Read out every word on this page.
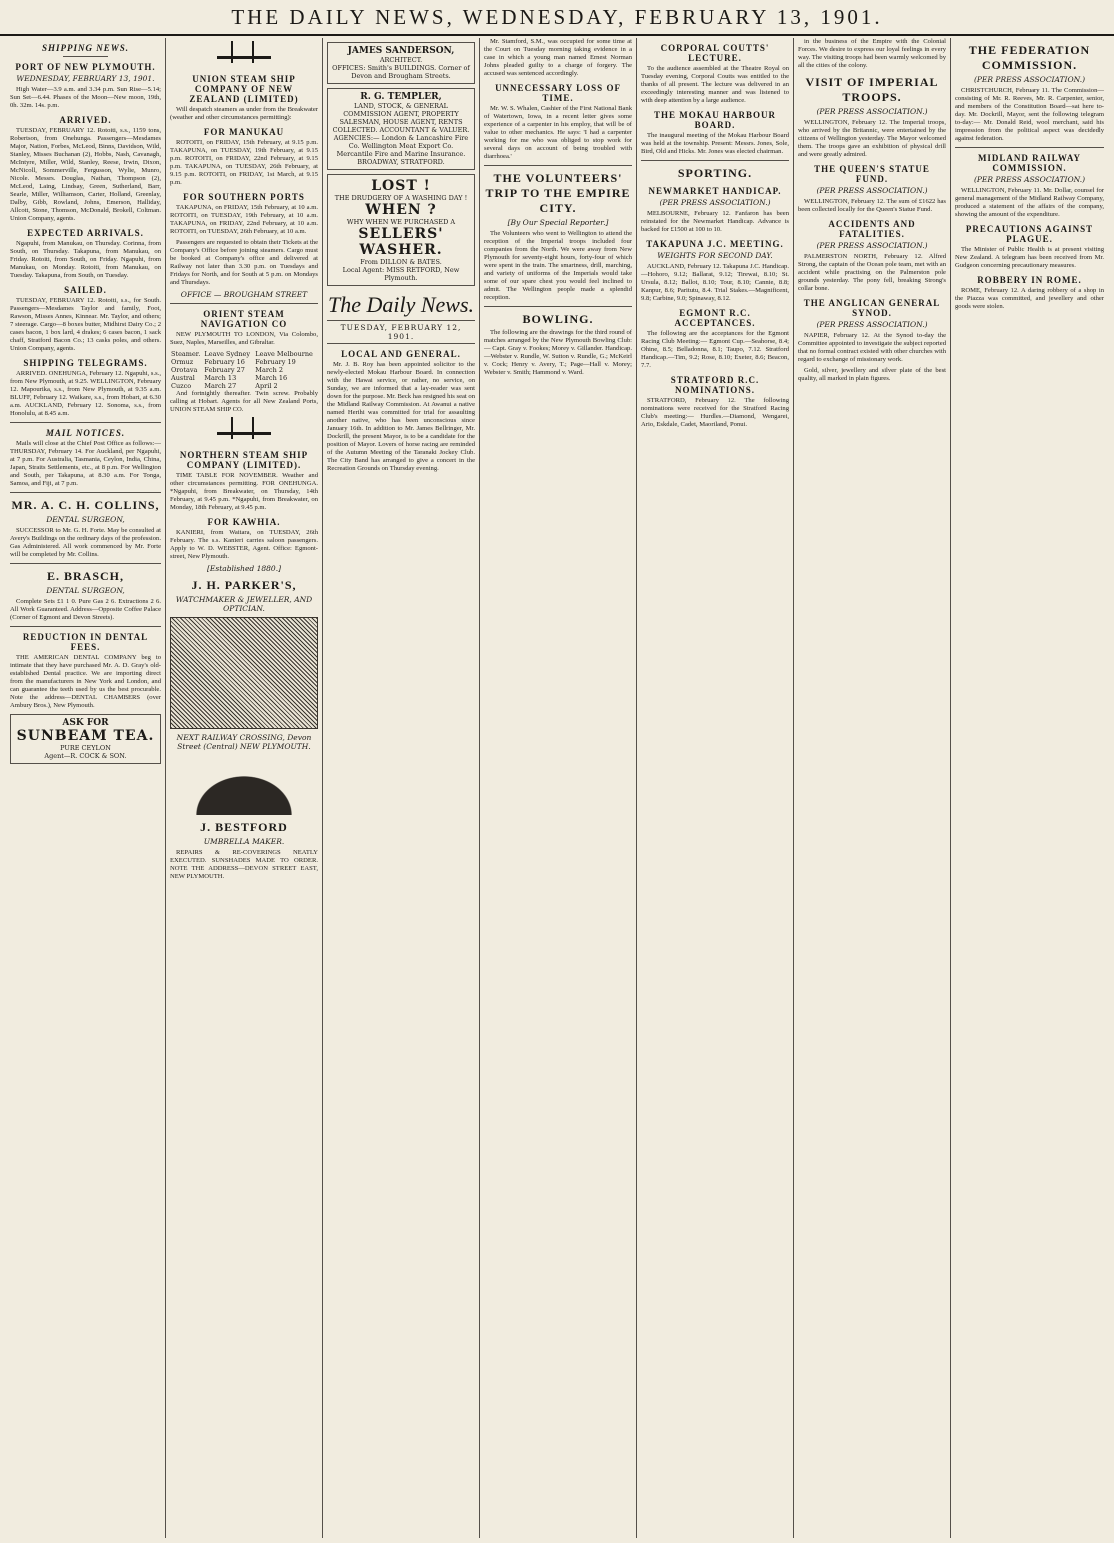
THE DAILY NEWS, WEDNESDAY, FEBRUARY 13, 1901.
SHIPPING NEWS.
PORT OF NEW PLYMOUTH.
WEDNESDAY, FEBRUARY 13, 1901.

High Water—3.9 a.m. and 3.34 p.m. Sun Rise—5.14; Sun Set—6.44. Phases of the Moon—New moon, 19th, 0h. 32m. 14s. p.m.

ARRIVED.

TUESDAY, FEBRUARY 12. Rotoiti, s.s., 1159 tons, Robertson, from Onehunga. Passengers—Mesdames Major, Nation, Forbes, McLeod, Binns, Davidson, Wild, Stanley, Misses Buchanan (2), Hobbs, Nash, Cavanagh, McIntyre, Miller, Wild, Stanley, Reese, Irwin, Dixon, McNicoll, Sommerville, Fergusson, Wylie, Munro, Nicole. Messrs. Douglas, Nathan, Thompson (2), McLeod, Laing, Lindsay, Green, Sutherland, Barr, Searle, Miller, Williamson, Carter, Holland, Greenlay, Dalby, Gibb, Rowland, Johns, Emerson, Halliday, Allcott, Stone, Thomson, McDonald, Brokell, Coltman. Union Company, agents.

EXPECTED ARRIVALS.

Ngapuhi, from Manukau, on Thursday. Corinna, from South, on Thursday. Takapuna, from Manukau, on Friday. Rotoiti, from South, on Friday. Ngapuhi, from Manukau, on Monday. Rotoiti, from Manukau, on Tuesday. Takapuna, from South, on Tuesday.

SAILED.

TUESDAY, FEBRUARY 12. Rotoiti, s.s., for South. Passengers—Mesdames Taylor and family, Foot, Rawson, Misses Annes, Kinnear. Mr. Taylor, and others; 7 steerage. Cargo—8 boxes butter, Midhirst Dairy Co.; 2 cases bacon, 1 box lard, 4 drakes; 6 cases bacon, 1 sack chaff, Stratford Bacon Co.; 13 casks poles, and others. Union Company, agents.

SHIPPING TELEGRAMS.

ARRIVED. ONEHUNGA, February 12. Ngapuhi, s.s., from New Plymouth, at 9.25. WELLINGTON, February 12. Mapourika, s.s., from New Plymouth, at 9.35 a.m. BLUFF, February 12. Waikare, s.s., from Hobart, at 6.30 a.m. AUCKLAND, February 12. Sonoma, s.s., from Honolulu, at 8.45 a.m.

MAIL NOTICES.

Mails will close at the Chief Post Office as follows:— THURSDAY, February 14. For Auckland, per Ngapuhi, at 7 p.m. For Australia, Tasmania, Ceylon, India, China, Japan, Straits Settlements, etc., at 8 p.m. For Wellington and South, per Takapuna, at 8.30 a.m. For Tonga, Samoa, and Fiji, at 7 p.m.

MR. A. C. H. COLLINS,
DENTAL SURGEON,

SUCCESSOR to Mr. G. H. Forte. May be consulted at Avery's Buildings on the ordinary days of the profession. Gas Administered. All work commenced by Mr. Forte will be completed by Mr. Collins.

E. BRASCH,
DENTAL SURGEON,

Complete Sets £1 1 0. Pure Gas 2 6. Extractions 2 6. All Work Guaranteed. Address—Opposite Coffee Palace (Corner of Egmont and Devon Streets).

REDUCTION IN DENTAL FEES.

THE AMERICAN DENTAL COMPANY beg to intimate that they have purchased Mr. A. D. Gray's old-established Dental practice. We are importing direct from the manufacturers in New York and London, and can guarantee the teeth used by us the best procurable. Note the address—DENTAL CHAMBERS (over Ambury Bros.), New Plymouth.

ASK FOR
SUNBEAM TEA.
PURE CEYLON
Agent—R. COCK & SON.
UNION STEAM SHIP COMPANY OF NEW ZEALAND (LIMITED)

Will despatch steamers as under from the Breakwater (weather and other circumstances permitting):

FOR MANUKAU

ROTOITI, on FRIDAY, 15th February, at 9.15 p.m. TAKAPUNA, on TUESDAY, 19th February, at 9.15 p.m. ROTOITI, on FRIDAY, 22nd February, at 9.15 p.m. TAKAPUNA, on TUESDAY, 26th February, at 9.15 p.m. ROTOITI, on FRIDAY, 1st March, at 9.15 p.m.

FOR SOUTHERN PORTS

TAKAPUNA, on FRIDAY, 15th February, at 10 a.m. ROTOITI, on TUESDAY, 19th February, at 10 a.m. TAKAPUNA, on FRIDAY, 22nd February, at 10 a.m. ROTOITI, on TUESDAY, 26th February, at 10 a.m.

Passengers are requested to obtain their Tickets at the Company's Office before joining steamers. Cargo must be booked at Company's office and delivered at Railway not later than 3.30 p.m. on Tuesdays and Fridays for North, and for South at 5 p.m. on Mondays and Thursdays.

OFFICE — BROUGHAM STREET
ORIENT STEAM NAVIGATION CO

NEW PLYMOUTH TO LONDON, Via Colombo, Suez, Naples, Marseilles, and Gibraltar.

Steamer.	Leave Sydney	Leave Melbourne
Ormuz	February 16	February 19
Orotava	February 27	March 2
Austral	March 13	March 16
Cuzco	March 27	April 2

And fortnightly thereafter. Twin screw. Probably calling at Hobart. Agents for all New Zealand Ports, UNION STEAM SHIP CO.

NORTHERN STEAM SHIP COMPANY (LIMITED).

TIME TABLE FOR NOVEMBER. Weather and other circumstances permitting. FOR ONEHUNGA. *Ngapuhi, from Breakwater, on Thursday, 14th February, at 9.45 p.m. *Ngapuhi, from Breakwater, on Monday, 18th February, at 9.45 p.m.

FOR KAWHIA.

KANIERI, from Waitara, on TUESDAY, 26th February. The s.s. Kanieri carries saloon passengers. Apply to W. D. WEBSTER, Agent. Office: Egmont-street, New Plymouth.

[Established 1880.]
J. H. PARKER'S,
WATCHMAKER & JEWELLER, AND OPTICIAN.
NEXT RAILWAY CROSSING, Devon Street (Central) NEW PLYMOUTH.
J. BESTFORD
UMBRELLA MAKER.

REPAIRS & RE-COVERINGS NEATLY EXECUTED. SUNSHADES MADE TO ORDER. NOTE THE ADDRESS—DEVON STREET EAST, NEW PLYMOUTH.

JAMES SANDERSON,
ARCHITECT.
OFFICES: Smith's BUILDINGS. Corner of Devon and Brougham Streets.
R. G. TEMPLER,
LAND, STOCK, & GENERAL COMMISSION AGENT, PROPERTY SALESMAN, HOUSE AGENT, RENTS COLLECTED. ACCOUNTANT & VALUER. AGENCIES:— London & Lancashire Fire Co. Wellington Meat Export Co. Mercantile Fire and Marine Insurance. BROADWAY, STRATFORD.
LOST !
THE DRUDGERY OF A WASHING DAY !
WHEN ?
WHY WHEN WE PURCHASED A
SELLERS' WASHER.
From DILLON & BATES.
Local Agent: MISS RETFORD, New Plymouth.
The Daily News.
TUESDAY, FEBRUARY 12, 1901.
LOCAL AND GENERAL.

Mr. J. B. Roy has been appointed solicitor to the newly-elected Mokau Harbour Board. In connection with the Hawai service, or rather, no service, on Sunday, we are informed that a lay-reader was sent down for the purpose. Mr. Beck has resigned his seat on the Midland Railway Commission. At Awanui a native named Herihi was committed for trial for assaulting another native, who has been unconscious since January 16th. In addition to Mr. James Bellringer, Mr. Dockrill, the present Mayor, is to be a candidate for the position of Mayor. Lovers of horse racing are reminded of the Autumn Meeting of the Taranaki Jockey Club. The City Band has arranged to give a concert in the Recreation Grounds on Thursday evening.

Mr. Stamford, S.M., was occupied for some time at the Court on Tuesday morning taking evidence in a case in which a young man named Ernest Norman Johns pleaded guilty to a charge of forgery. The accused was sentenced accordingly.

UNNECESSARY LOSS OF TIME.

Mr. W. S. Whalen, Cashier of the First National Bank of Watertown, Iowa, in a recent letter gives some experience of a carpenter in his employ, that will be of value to other mechanics. He says: 'I had a carpenter working for me who was obliged to stop work for several days on account of being troubled with diarrhoea.'

THE VOLUNTEERS' TRIP TO THE EMPIRE CITY.
[By Our Special Reporter.]

The Volunteers who went to Wellington to attend the reception of the Imperial troops included four companies from the North. We were away from New Plymouth for seventy-eight hours, forty-four of which were spent in the train. The smartness, drill, marching, and variety of uniforms of the Imperials would take some of our spare chest you would feel inclined to admit. The Wellington people made a splendid reception.

BOWLING.

The following are the drawings for the third round of matches arranged by the New Plymouth Bowling Club:— Capt. Gray v. Fookes; Morey v. Gillander. Handicap.—Webster v. Rundle, W. Sutton v. Rundle, G.; McKeirl v. Cock; Henry v. Avery, T.; Page—Hall v. Morey; Webster v. Smith; Hammond v. Ward.

CORPORAL COUTTS' LECTURE.

To the audience assembled at the Theatre Royal on Tuesday evening, Corporal Coutts was entitled to the thanks of all present. The lecture was delivered in an exceedingly interesting manner and was listened to with deep attention by a large audience.

THE MOKAU HARBOUR BOARD.

The inaugural meeting of the Mokau Harbour Board was held at the township. Present: Messrs. Jones, Sole, Bird, Old and Hicks. Mr. Jones was elected chairman.

SPORTING.
NEWMARKET HANDICAP.
(PER PRESS ASSOCIATION.)

MELBOURNE, February 12. Fanfaron has been reinstated for the Newmarket Handicap. Advance is backed for £1500 at 100 to 10.

TAKAPUNA J.C. MEETING.
WEIGHTS FOR SECOND DAY.

AUCKLAND, February 12. Takapuna J.C. Handicap.—Hohoro, 9.12; Ballarat, 9.12; Tirewai, 8.10; St. Ursula, 8.12; Ballot, 8.10; Tour, 8.10; Cannie, 8.8; Kanpur, 8.6; Paritutu, 8.4. Trial Stakes.—Magnificent, 9.8; Carbine, 9.0; Spinaway, 8.12.

EGMONT R.C. ACCEPTANCES.

The following are the acceptances for the Egmont Racing Club Meeting:— Egmont Cup.—Seahorse, 8.4; Ohine, 8.5; Belladonna, 8.1; Taupo, 7.12. Stratford Handicap.—Tim, 9.2; Rose, 8.10; Exeter, 8.6; Beacon, 7.7.

STRATFORD R.C. NOMINATIONS.

STRATFORD, February 12. The following nominations were received for the Stratford Racing Club's meeting:— Hurdles.—Diamond, Wengarei, Ario, Eskdale, Cadet, Maoriland, Ponui.

in the business of the Empire with the Colonial Forces. We desire to express our loyal feelings in every way. The visiting troops had been warmly welcomed by all the cities of the colony.

VISIT OF IMPERIAL TROOPS.
(PER PRESS ASSOCIATION.)

WELLINGTON, February 12. The Imperial troops, who arrived by the Britannic, were entertained by the citizens of Wellington yesterday. The Mayor welcomed them. The troops gave an exhibition of physical drill and were greatly admired.

THE QUEEN'S STATUE FUND.
(PER PRESS ASSOCIATION.)

WELLINGTON, February 12. The sum of £1622 has been collected locally for the Queen's Statue Fund.

ACCIDENTS AND FATALITIES.
(PER PRESS ASSOCIATION.)

PALMERSTON NORTH, February 12. Alfred Strong, the captain of the Ocean pole team, met with an accident while practising on the Palmerston pole grounds yesterday. The pony fell, breaking Strong's collar bone.

THE ANGLICAN GENERAL SYNOD.
(PER PRESS ASSOCIATION.)

NAPIER, February 12. At the Synod to-day the Committee appointed to investigate the subject reported that no formal contract existed with other churches with regard to exchange of missionary work.

Gold, silver, jewellery and silver plate of the best quality, all marked in plain figures.

THE FEDERATION COMMISSION.
(PER PRESS ASSOCIATION.)

CHRISTCHURCH, February 11. The Commission—consisting of Mr. R. Reeves, Mr. R. Carpenter, senior, and members of the Constitution Board—sat here to-day. Mr. Dockrill, Mayor, sent the following telegram to-day:— Mr. Donald Reid, wool merchant, said his impression from the political aspect was decidedly against federation.

MIDLAND RAILWAY COMMISSION.
(PER PRESS ASSOCIATION.)

WELLINGTON, February 11. Mr. Dollar, counsel for general management of the Midland Railway Company, produced a statement of the affairs of the company, showing the amount of the expenditure.

PRECAUTIONS AGAINST PLAGUE.

The Minister of Public Health is at present visiting New Zealand. A telegram has been received from Mr. Gudgeon concerning precautionary measures.

ROBBERY IN ROME.

ROME, February 12. A daring robbery of a shop in the Piazza was committed, and jewellery and other goods were stolen.
